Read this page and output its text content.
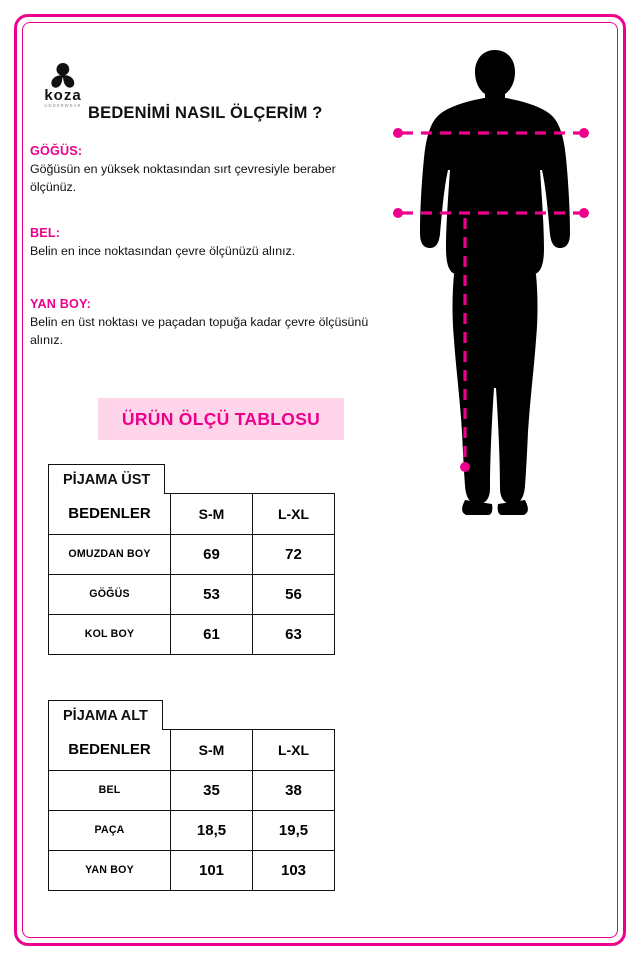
koza
UNDERWEAR BEDENİMİ NASIL ÖLÇERİM ?
GÖĞÜS:
Göğüsün en yüksek noktasından sırt çevresiyle beraber ölçünüz.
BEL:
Belin en ince noktasından çevre ölçünüzü alınız.
YAN BOY:
Belin en üst noktası ve paçadan topuğa kadar çevre ölçüsünü alınız.
ÜRÜN ÖLÇÜ TABLOSU
PİJAMA ÜST
BEDENLER	S-M	L-XL
OMUZDAN BOY	69	72
GÖĞÜS	53	56
KOL BOY	61	63
PİJAMA ALT
BEDENLER	S-M	L-XL
BEL	35	38
PAÇA	18,5	19,5
YAN BOY	101	103
